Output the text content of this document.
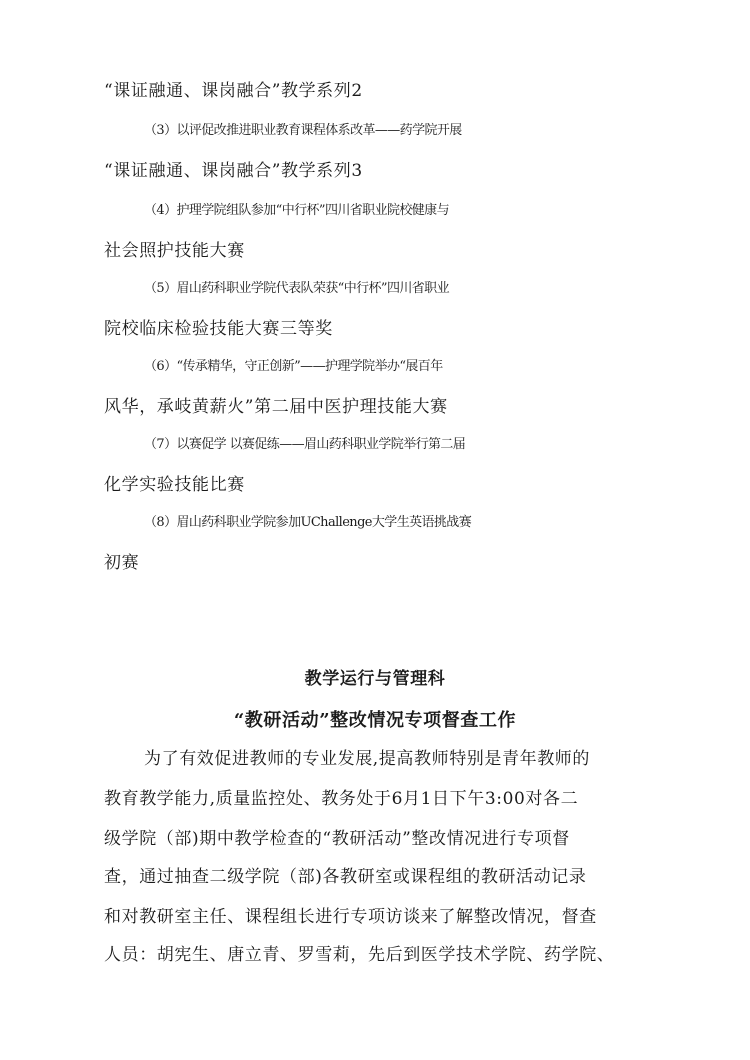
“课证融通、课岗融合”教学系列2
（3）以评促改推进职业教育课程体系改革——药学院开展
“课证融通、课岗融合”教学系列3
（4）护理学院组队参加“中行杯”四川省职业院校健康与
社会照护技能大赛
（5）眉山药科职业学院代表队荣获“中行杯”四川省职业
院校临床检验技能大赛三等奖
（6）“传承精华，守正创新”——护理学院举办“展百年
风华，承岐黄薪火”第二届中医护理技能大赛
（7）以赛促学 以赛促练——眉山药科职业学院举行第二届
化学实验技能比赛
（8）眉山药科职业学院参加UChallenge大学生英语挑战赛
初赛
教学运行与管理科
“教研活动”整改情况专项督查工作
为了有效促进教师的专业发展,提高教师特别是青年教师的
教育教学能力,质量监控处、教务处于6月1日下午3:00对各二
级学院（部)期中教学检查的“教研活动”整改情况进行专项督
查，通过抽查二级学院（部)各教研室或课程组的教研活动记录
和对教研室主任、课程组长进行专项访谈来了解整改情况，督查
人员：胡宪生、唐立青、罗雪莉，先后到医学技术学院、药学院、
